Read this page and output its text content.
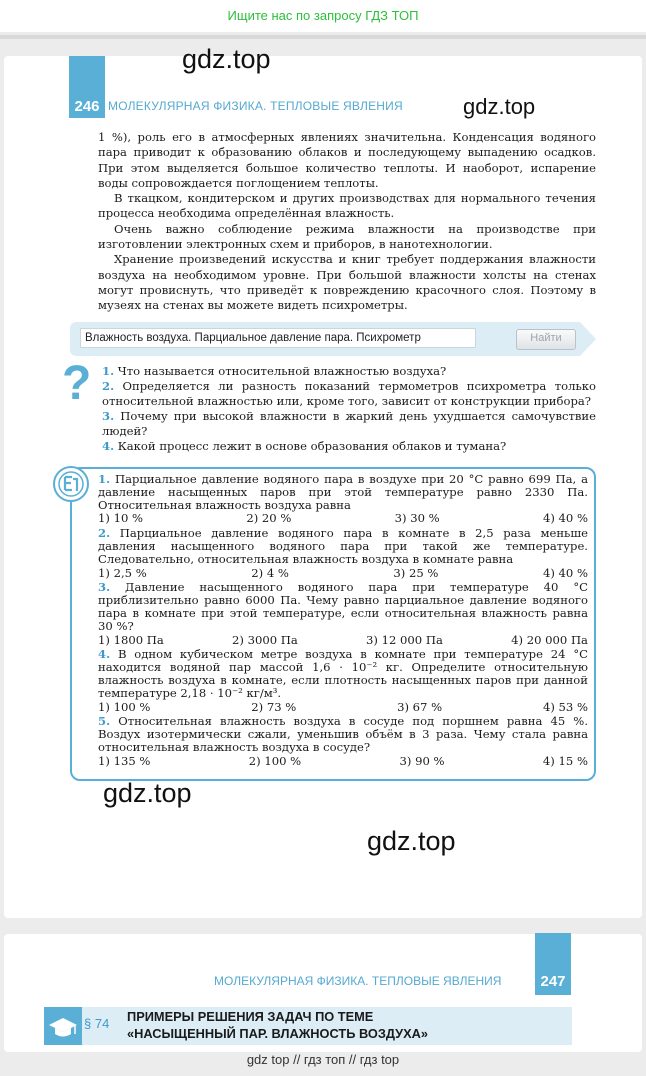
Ищите нас по запросу ГДЗ ТОП
246 МОЛЕКУЛЯРНАЯ ФИЗИКА. ТЕПЛОВЫЕ ЯВЛЕНИЯ

1 %), роль его в атмосферных явлениях значительна. Конденсация водяного пара приводит к образованию облаков и последующему выпадению осадков. При этом выделяется большое количество теплоты. И наоборот, испарение воды сопровождается поглощением теплоты.

В ткацком, кондитерском и других производствах для нормального течения процесса необходима определённая влажность.

Очень важно соблюдение режима влажности на производстве при изготовлении электронных схем и приборов, в нанотехнологии.

Хранение произведений искусства и книг требует поддержания влажности воздуха на необходимом уровне. При большой влажности холсты на стенах могут провиснуть, что приведёт к повреждению красочного слоя. Поэтому в музеях на стенах вы можете видеть психрометры.

Влажность воздуха. Парциальное давление пара. Психрометр	Найти
? 1. Что называется относительной влажностью воздуха?
2. Определяется ли разность показаний термометров психрометра только относительной влажностью или, кроме того, зависит от конструкции прибора?
3. Почему при высокой влажности в жаркий день ухудшается самочувствие людей?
4. Какой процесс лежит в основе образования облаков и тумана?
1. Парциальное давление водяного пара в воздухе при 20 °С равно 699 Па, а давление насыщенных паров при этой температуре равно 2330 Па. Относительная влажность воздуха равна
1) 10 %	2) 20 %	3) 30 %	4) 40 %
2. Парциальное давление водяного пара в комнате в 2,5 раза меньше давления насыщенного водяного пара при такой же температуре. Следовательно, относительная влажность воздуха в комнате равна
1) 2,5 %	2) 4 %	3) 25 %	4) 40 %
3. Давление насыщенного водяного пара при температуре 40 °С приблизительно равно 6000 Па. Чему равно парциальное давление водяного пара в комнате при этой температуре, если относительная влажность равна 30 %?
1) 1800 Па	2) 3000 Па	3) 12 000 Па	4) 20 000 Па
4. В одном кубическом метре воздуха в комнате при температуре 24 °С находится водяной пар массой 1,6 · 10⁻² кг. Определите относительную влажность воздуха в комнате, если плотность насыщенных паров при данной температуре 2,18 · 10⁻² кг/м³.
1) 100 %	2) 73 %	3) 67 %	4) 53 %
5. Относительная влажность воздуха в сосуде под поршнем равна 45 %. Воздух изотермически сжали, уменьшив объём в 3 раза. Чему стала равна относительная влажность воздуха в сосуде?
1) 135 %	2) 100 %	3) 90 %	4) 15 %
gdz.top
gdz.top
gdz.top
gdz.top
247
МОЛЕКУЛЯРНАЯ ФИЗИКА. ТЕПЛОВЫЕ ЯВЛЕНИЯ
§ 74 ПРИМЕРЫ РЕШЕНИЯ ЗАДАЧ ПО ТЕМЕ
«НАСЫЩЕННЫЙ ПАР. ВЛАЖНОСТЬ ВОЗДУХА»
gdz top // гдз топ // гдз top
